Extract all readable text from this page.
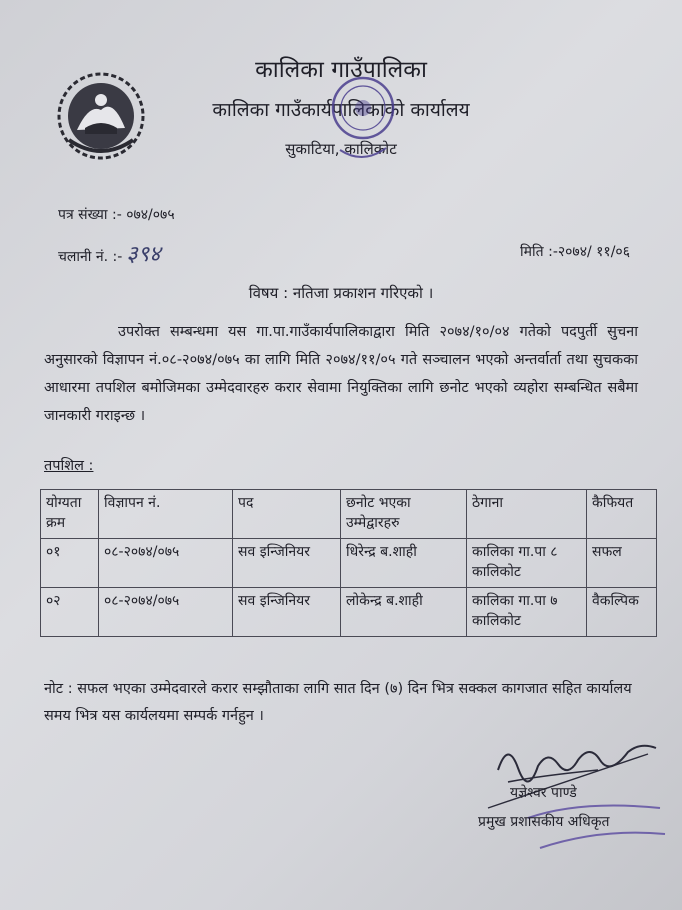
कालिका गाउँपालिका
कालिका गाउँकार्यपालिकाको कार्यालय
सुकाटिया, कालिकोट
पत्र संख्या :- ०७४/०७५
चलानी नं. :- ३९४	मिति :-२०७४/ ११/०६
विषय : नतिजा प्रकाशन गरिएको ।
उपरोक्त सम्बन्धमा यस गा.पा.गाउँकार्यपालिकाद्वारा मिति २०७४/१०/०४ गतेको पदपुर्ती सुचना अनुसारको विज्ञापन नं.०८-२०७४/०७५ का लागि मिति २०७४/११/०५ गते सञ्चालन भएको अन्तर्वार्ता तथा सुचकका आधारमा तपशिल बमोजिमका उम्मेदवारहरु करार सेवामा नियुक्तिका लागि छनोट भएको व्यहोरा सम्बन्धित सबैमा जानकारी गराइन्छ ।
तपशिल :
योग्यता क्रम	विज्ञापन नं.	पद	छनोट भएका उम्मेद्वारहरु	ठेगाना	कैफियत
०१	०८-२०७४/०७५	सव इन्जिनियर	धिरेन्द्र ब.शाही	कालिका गा.पा ८ कालिकोट	सफल
०२	०८-२०७४/०७५	सव इन्जिनियर	लोकेन्द्र ब.शाही	कालिका गा.पा ७ कालिकोट	वैकल्पिक
नोट : सफल भएका उम्मेदवारले करार सम्झौताका लागि सात दिन (७) दिन भित्र सक्कल कागजात सहित कार्यालय समय भित्र यस कार्यलयमा सम्पर्क गर्नहुन ।
यज्ञेश्वर पाण्डे
प्रमुख प्रशासकीय अधिकृत
